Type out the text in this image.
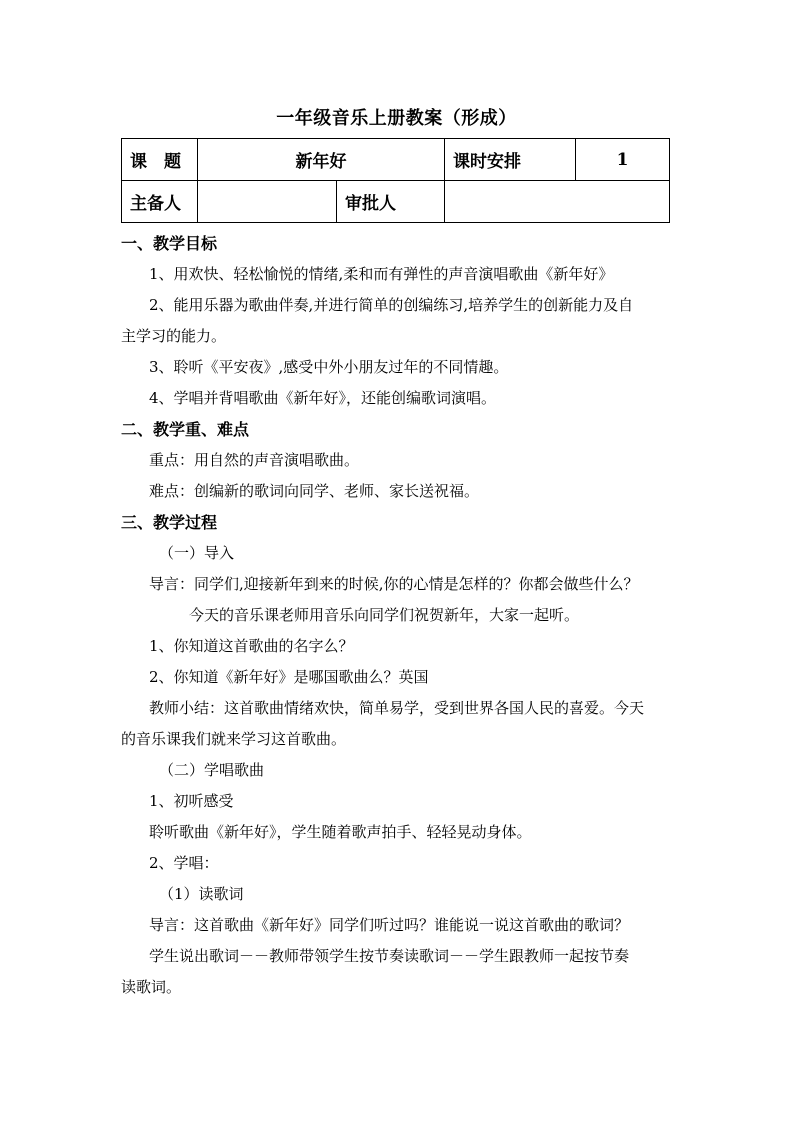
一年级音乐上册教案（形成）
课　题	新年好		课时安排	1
主备人		审批人		
一、教学目标
1、用欢快、轻松愉悦的情绪,柔和而有弹性的声音演唱歌曲《新年好》
2、能用乐器为歌曲伴奏,并进行简单的创编练习,培养学生的创新能力及自
主学习的能力。
3、聆听《平安夜》,感受中外小朋友过年的不同情趣。
4、学唱并背唱歌曲《新年好》，还能创编歌词演唱。
二、教学重、难点
重点：用自然的声音演唱歌曲。
难点：创编新的歌词向同学、老师、家长送祝福。
三、教学过程
（一）导入
导言：同学们,迎接新年到来的时候,你的心情是怎样的？你都会做些什么？
今天的音乐课老师用音乐向同学们祝贺新年，大家一起听。
1、你知道这首歌曲的名字么？
2、你知道《新年好》是哪国歌曲么？英国
教师小结：这首歌曲情绪欢快，简单易学，受到世界各国人民的喜爱。今天
的音乐课我们就来学习这首歌曲。
（二）学唱歌曲
1、初听感受
聆听歌曲《新年好》，学生随着歌声拍手、轻轻晃动身体。
2、学唱：
（1）读歌词
导言：这首歌曲《新年好》同学们听过吗？谁能说一说这首歌曲的歌词？
学生说出歌词－－教师带领学生按节奏读歌词－－学生跟教师一起按节奏
读歌词。
